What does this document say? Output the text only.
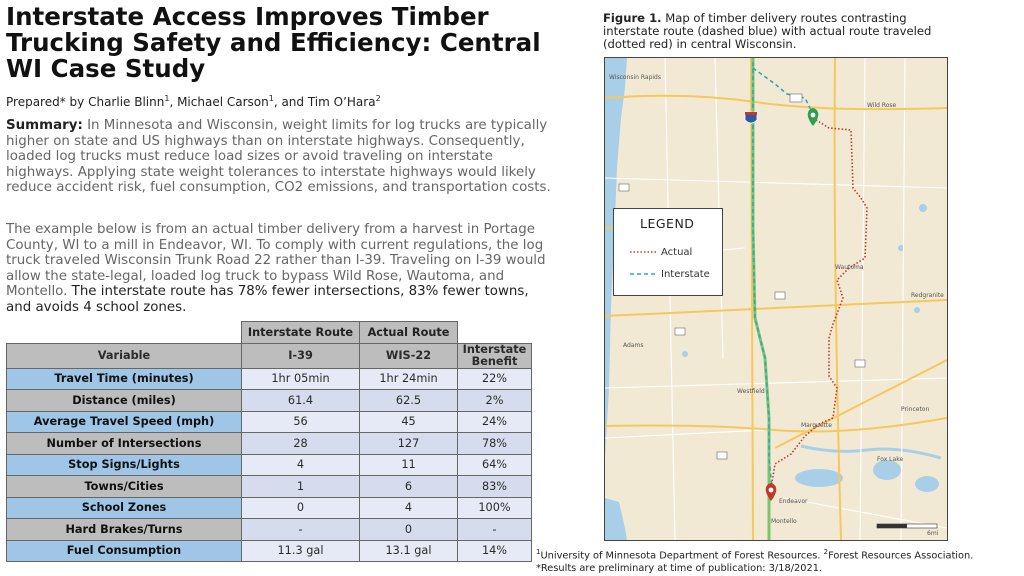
Interstate Access Improves Timber Trucking Safety and Efficiency: Central WI Case Study
Prepared* by Charlie Blinn$^1$, Michael Carson$^1$, and Tim O’Hara$^2$

Summary: In Minnesota and Wisconsin, weight limits for log trucks are typically higher on state and US highways than on interstate highways. Consequently, loaded log trucks must reduce load sizes or avoid traveling on interstate highways. Applying state weight tolerances to interstate highways would likely reduce accident risk, fuel consumption, CO2 emissions, and transportation costs.

The example below is from an actual timber delivery from a harvest in Portage County, WI to a mill in Endeavor, WI. To comply with current regulations, the log truck traveled Wisconsin Trunk Road 22 rather than I-39. Traveling on I-39 would allow the state-legal, loaded log truck to bypass Wild Rose, Wautoma, and Montello. The interstate route has 78% fewer intersections, 83% fewer towns, and avoids 4 school zones.

	Interstate Route	Actual Route	
Variable	I-39	WIS-22	Interstate Benefit
Travel Time (minutes)	1hr 05min	1hr 24min	22%
Distance (miles)	61.4	62.5	2%
Average Travel Speed (mph)	56	45	24%
Number of Intersections	28	127	78%
Stop Signs/Lights	4	11	64%
Towns/Cities	1	6	83%
School Zones	0	4	100%
Hard Brakes/Turns	-	0	-
Fuel Consumption	11.3 gal	13.1 gal	14%

Figure 1. Map of timber delivery routes contrasting interstate route (dashed blue) with actual route traveled (dotted red) in central Wisconsin.

Wisconsin Rapids
Wautoma
Westfield
Montello
Redgranite
Princeton
Marquette
Adams
Wild Rose
Fox Lake
Endeavor
6mi
LEGEND
Actual
Interstate
$^1$University of Minnesota Department of Forest Resources. $^2$Forest Resources Association.
*Results are preliminary at time of publication: 3/18/2021.
